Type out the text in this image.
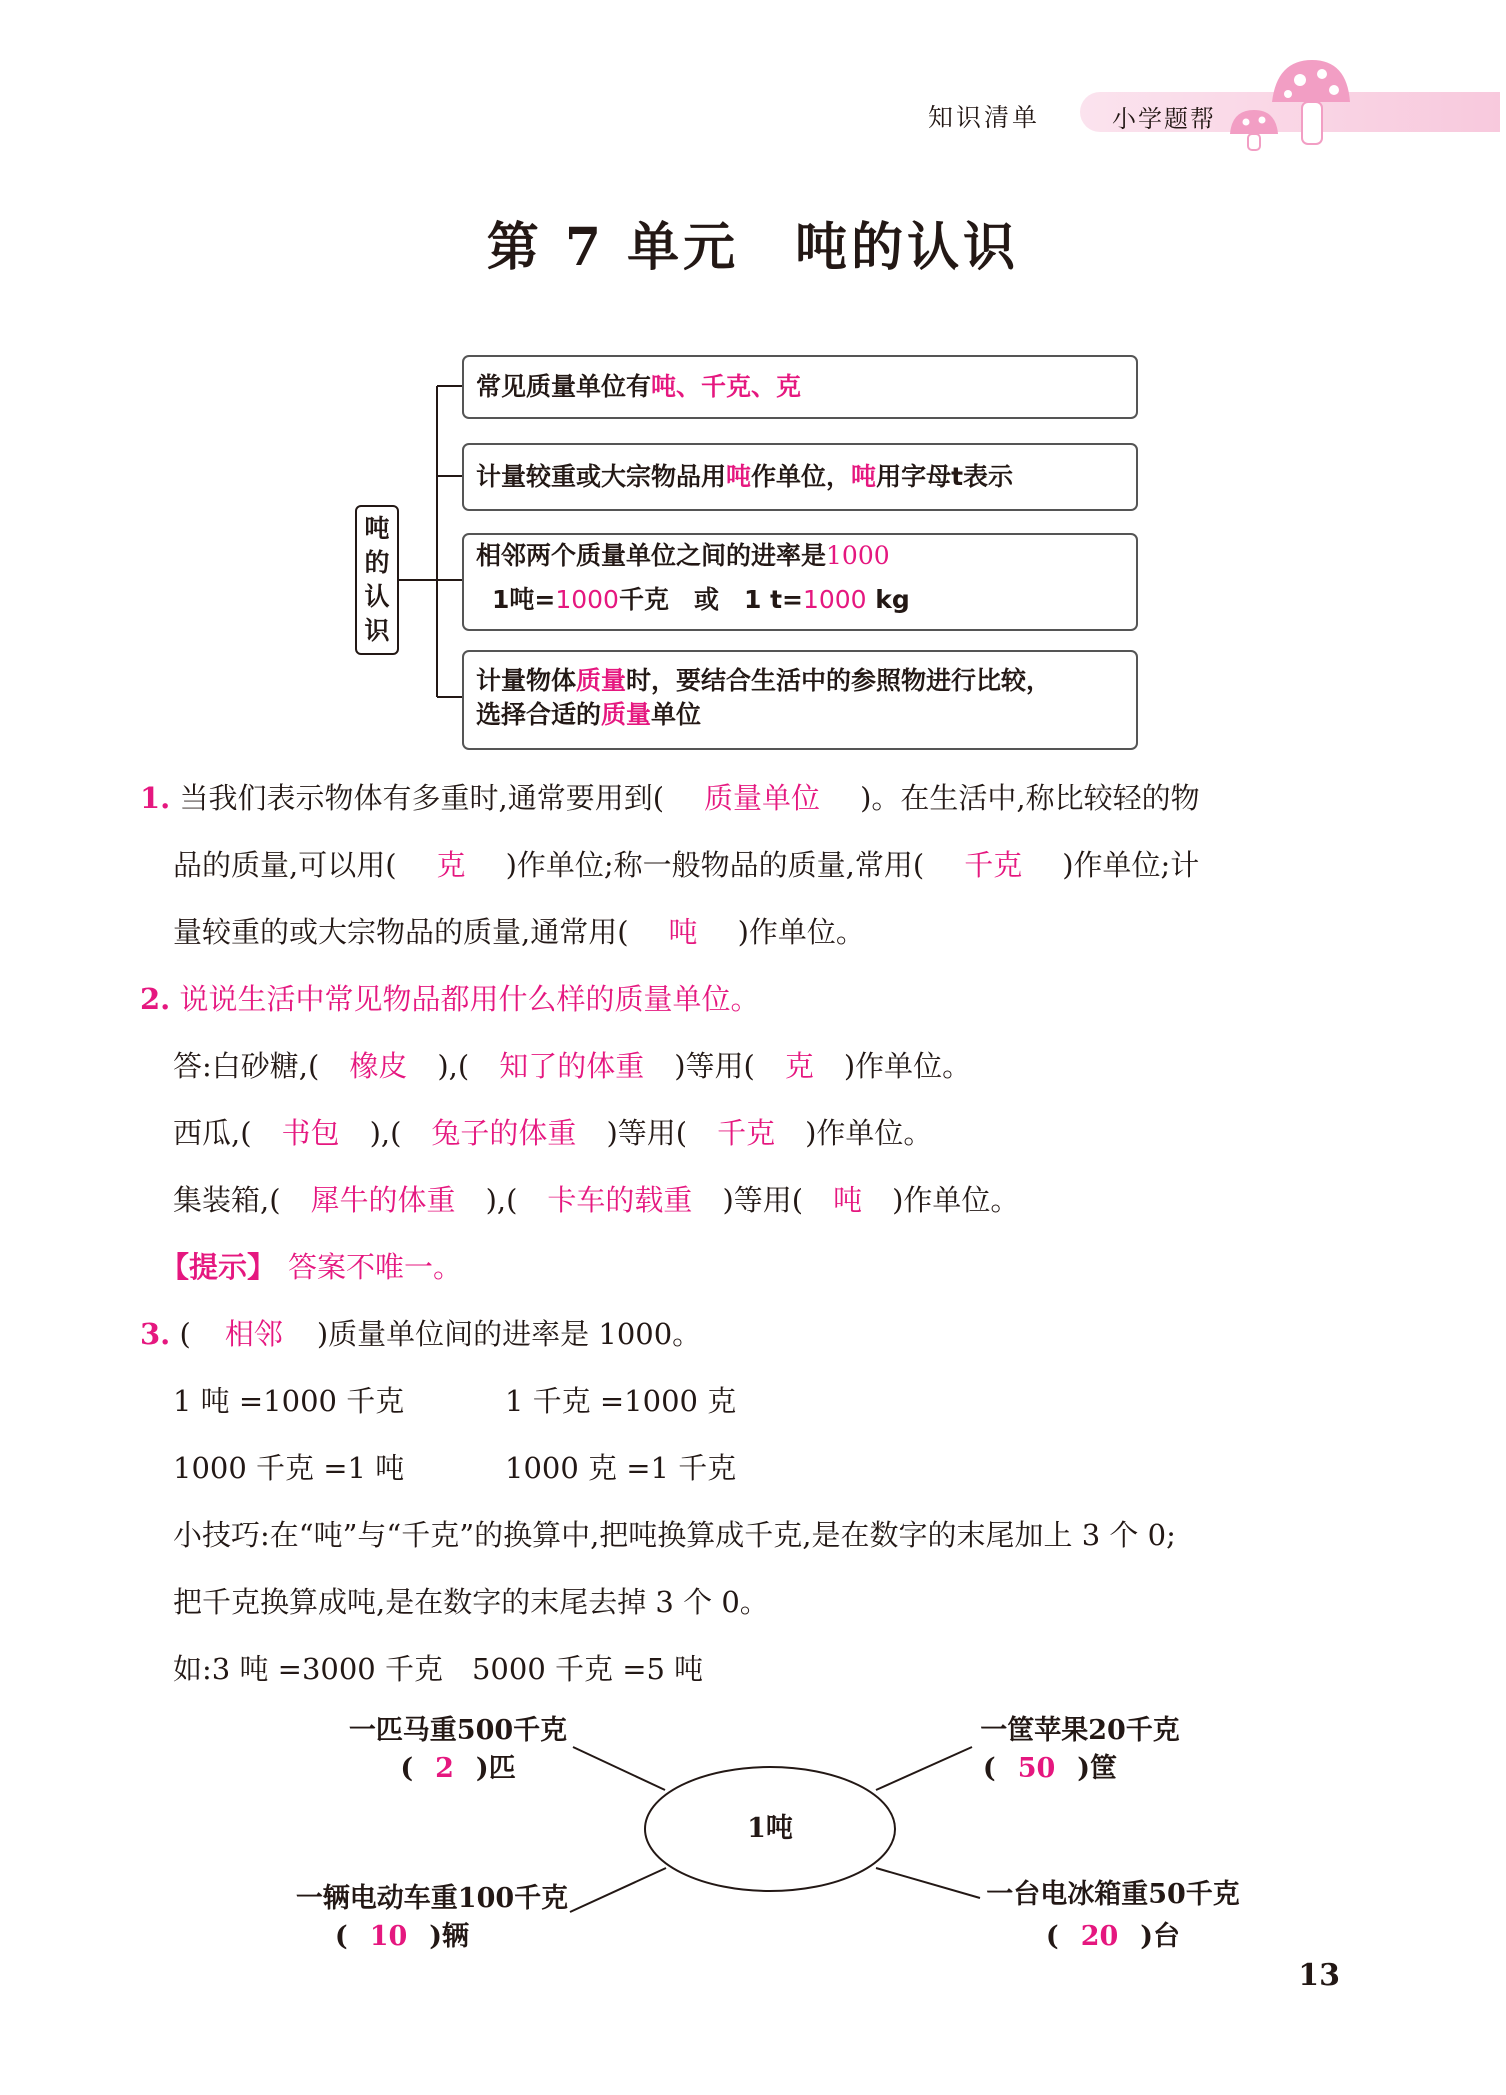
知识清单	小学题帮
第 7 单元　吨的认识
吨
的
认
识
常见质量单位有吨、千克、克
计量较重或大宗物品用吨作单位，吨用字母t表示
相邻两个质量单位之间的进率是1000
1吨=1000千克　或　1 t=1000 kg
计量物体质量时，要结合生活中的参照物进行比较，
选择合适的质量单位
1. 当我们表示物体有多重时,通常要用到( 质量单位 )。在生活中,称比较轻的物
品的质量,可以用( 克 )作单位;称一般物品的质量,常用( 千克 )作单位;计
量较重的或大宗物品的质量,通常用( 吨 )作单位。
2. 说说生活中常见物品都用什么样的质量单位。
答:白砂糖,( 橡皮 ),( 知了的体重 )等用( 克 )作单位。
西瓜,( 书包 ),( 兔子的体重 )等用( 千克 )作单位。
集装箱,( 犀牛的体重 ),( 卡车的载重 )等用( 吨 )作单位。
【提示】 答案不唯一。
3. ( 相邻 )质量单位间的进率是 1000。
1 吨 =1000 千克	1 千克 =1000 克
1000 千克 =1 吨	1000 克 =1 千克
小技巧:在“吨”与“千克”的换算中,把吨换算成千克,是在数字的末尾加上 3 个 0;
把千克换算成吨,是在数字的末尾去掉 3 个 0。
如:3 吨 =3000 千克　5000 千克 =5 吨
1吨
一匹马重500千克
( 2 )匹
一筐苹果20千克
( 50 )筐
一辆电动车重100千克
( 10 )辆
一台电冰箱重50千克
( 20 )台
13
